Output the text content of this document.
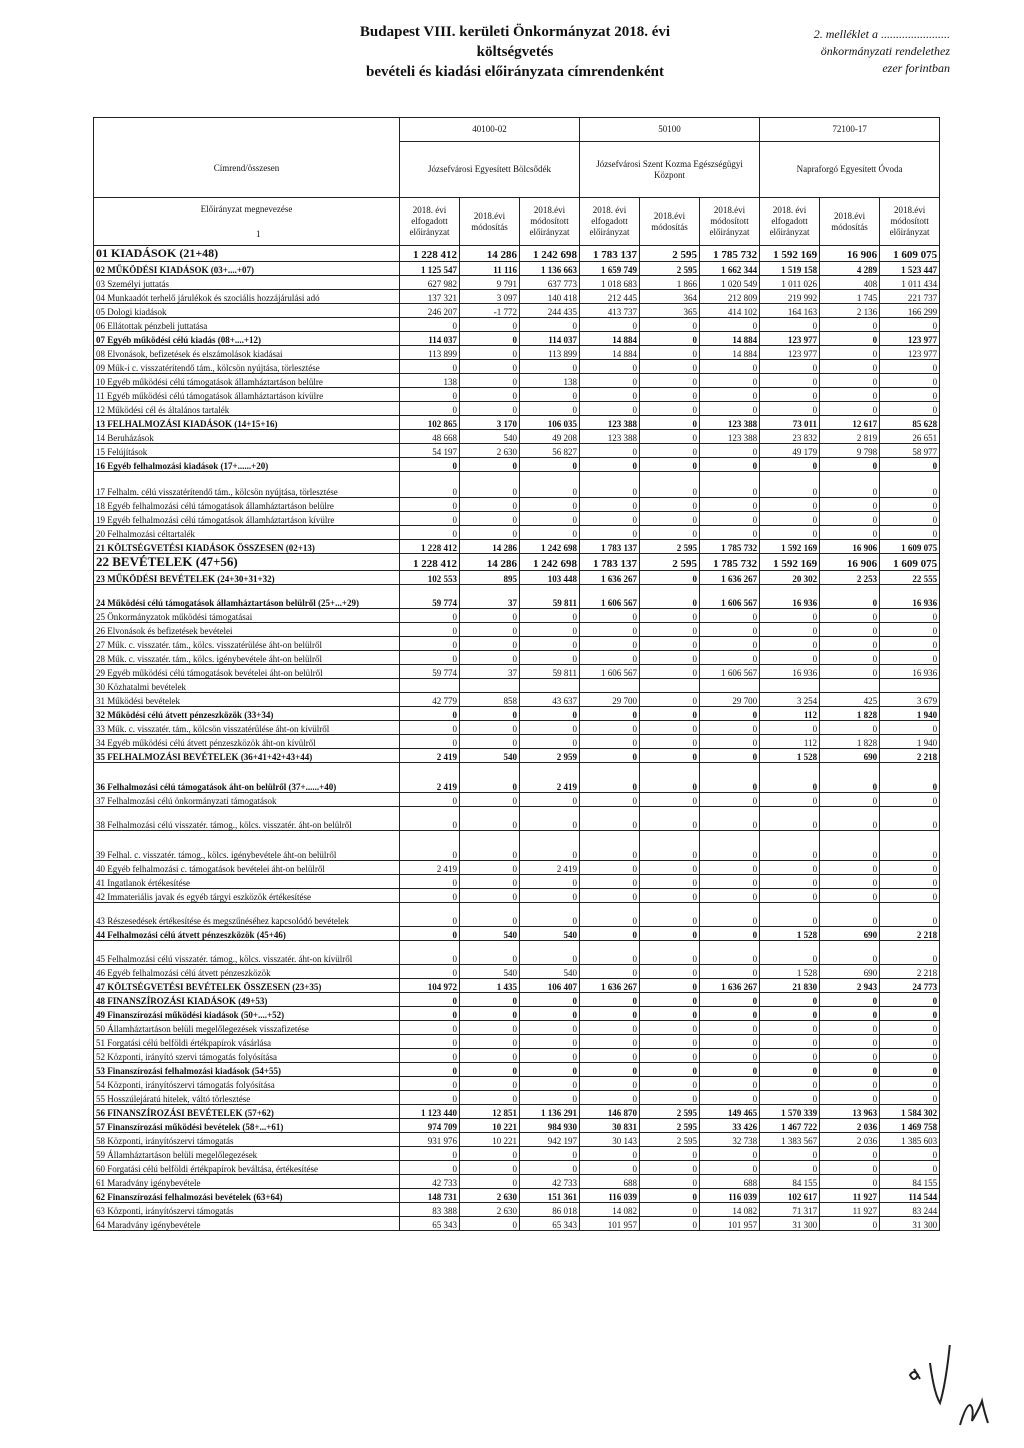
Budapest VIII. kerületi Önkormányzat 2018. évi költségvetés
bevételi és kiadási előirányzata címrendenként
2. melléklet a .......................
önkormányzati rendelethez
ezer forintban
Címrend/összesen	40100-02			50100			72100-17		
	Józsefvárosi Egyesített Bölcsődék			Józsefvárosi Szent Kozma Egészségügyi Központ			Napraforgó Egyesített Óvoda		

Előirányzat megnevezése
1	2018. évi elfogadott előirányzat	2018.évi módosítás	2018.évi módosított előirányzat	2018. évi elfogadott előirányzat	2018.évi módosítás	2018.évi módosított előirányzat	2018. évi elfogadott előirányzat	2018.évi módosítás	2018.évi módosított előirányzat
01 KIADÁSOK (21+48)	1 228 412	14 286	1 242 698	1 783 137	2 595	1 785 732	1 592 169	16 906	1 609 075
02 MŰKÖDÉSI KIADÁSOK (03+....+07)	1 125 547	11 116	1 136 663	1 659 749	2 595	1 662 344	1 519 158	4 289	1 523 447
03 Személyi juttatás	627 982	9 791	637 773	1 018 683	1 866	1 020 549	1 011 026	408	1 011 434
04 Munkaadót terhelő járulékok és szociális hozzájárulási adó	137 321	3 097	140 418	212 445	364	212 809	219 992	1 745	221 737
05 Dologi kiadások	246 207	-1 772	244 435	413 737	365	414 102	164 163	2 136	166 299
06 Ellátottak pénzbeli juttatása	0	0	0	0	0	0	0	0	0
07 Egyéb működési célú kiadás (08+....+12)	114 037	0	114 037	14 884	0	14 884	123 977	0	123 977
08 Elvonások, befizetések és elszámolások kiadásai	113 899	0	113 899	14 884	0	14 884	123 977	0	123 977
09 Műk-i c. visszatérítendő tám., kölcsön nyújtása, törlesztése	0	0	0	0	0	0	0	0	0
10 Egyéb működési célú támogatások államháztartáson belülre	138	0	138	0	0	0	0	0	0
11 Egyéb működési célú támogatások államháztartáson kívülre	0	0	0	0	0	0	0	0	0
12 Működési cél és általános tartalék	0	0	0	0	0	0	0	0	0
13 FELHALMOZÁSI KIADÁSOK (14+15+16)	102 865	3 170	106 035	123 388	0	123 388	73 011	12 617	85 628
14 Beruházások	48 668	540	49 208	123 388	0	123 388	23 832	2 819	26 651
15 Felújítások	54 197	2 630	56 827	0	0	0	49 179	9 798	58 977
16 Egyéb felhalmozási kiadások (17+......+20)	0	0	0	0	0	0	0	0	0
17 Felhalm. célú visszatérítendő tám., kölcsön nyújtása, törlesztése	0	0	0	0	0	0	0	0	0
18 Egyéb felhalmozási célú támogatások államháztartáson belülre	0	0	0	0	0	0	0	0	0
19 Egyéb felhalmozási célú támogatások államháztartáson kívülre	0	0	0	0	0	0	0	0	0
20 Felhalmozási céltartalék	0	0	0	0	0	0	0	0	0
21 KÖLTSÉGVETÉSI KIADÁSOK ÖSSZESEN (02+13)	1 228 412	14 286	1 242 698	1 783 137	2 595	1 785 732	1 592 169	16 906	1 609 075
22 BEVÉTELEK (47+56)	1 228 412	14 286	1 242 698	1 783 137	2 595	1 785 732	1 592 169	16 906	1 609 075
23 MŰKÖDÉSI BEVÉTELEK (24+30+31+32)	102 553	895	103 448	1 636 267	0	1 636 267	20 302	2 253	22 555
24 Működési célú támogatások államháztartáson belülről (25+...+29)	59 774	37	59 811	1 606 567	0	1 606 567	16 936	0	16 936
25 Önkormányzatok működési támogatásai	0	0	0	0	0	0	0	0	0
26 Elvonások és befizetések bevételei	0	0	0	0	0	0	0	0	0
27 Műk. c. visszatér. tám., kölcs. visszatérülése áht-on belülről	0	0	0	0	0	0	0	0	0
28 Műk. c. visszatér. tám., kölcs. igénybevétele áht-on belülről	0	0	0	0	0	0	0	0	0
29 Egyéb működési célú támogatások bevételei áht-on belülről	59 774	37	59 811	1 606 567	0	1 606 567	16 936	0	16 936
30 Közhatalmi bevételek									
31 Működési bevételek	42 779	858	43 637	29 700	0	29 700	3 254	425	3 679
32 Működési célú átvett pénzeszközök (33+34)	0	0	0	0	0	0	112	1 828	1 940
33 Műk. c. visszatér. tám., kölcsön visszatérülése áht-on kívülről	0	0	0	0	0	0	0	0	0
34 Egyéb működési célú átvett pénzeszközök áht-on kívülről	0	0	0	0	0	0	112	1 828	1 940
35 FELHALMOZÁSI BEVÉTELEK (36+41+42+43+44)	2 419	540	2 959	0	0	0	1 528	690	2 218
36 Felhalmozási célú támogatások áht-on belülről (37+......+40)	2 419	0	2 419	0	0	0	0	0	0
37 Felhalmozási célú önkormányzati támogatások	0	0	0	0	0	0	0	0	0
38 Felhalmozási célú visszatér. támog., kölcs. visszatér. áht-on belülről	0	0	0	0	0	0	0	0	0
39 Felhal. c. visszatér. támog., kölcs. igénybevétele áht-on belülről	0	0	0	0	0	0	0	0	0
40 Egyéb felhalmozási c. támogatások bevételei áht-on belülről	2 419	0	2 419	0	0	0	0	0	0
41 Ingatlanok értékesítése	0	0	0	0	0	0	0	0	0
42 Immateriális javak és egyéb tárgyi eszközök értékesítése	0	0	0	0	0	0	0	0	0
43 Részesedések értékesítése és megszűnéséhez kapcsolódó bevételek	0	0	0	0	0	0	0	0	0
44 Felhalmozási célú átvett pénzeszközök (45+46)	0	540	540	0	0	0	1 528	690	2 218
45 Felhalmozási célú visszatér. támog., kölcs. visszatér. áht-on kívülről	0	0	0	0	0	0	0	0	0
46 Egyéb felhalmozási célú átvett pénzeszközök	0	540	540	0	0	0	1 528	690	2 218
47 KÖLTSÉGVETÉSI BEVÉTELEK ÖSSZESEN (23+35)	104 972	1 435	106 407	1 636 267	0	1 636 267	21 830	2 943	24 773
48 FINANSZÍROZÁSI KIADÁSOK (49+53)	0	0	0	0	0	0	0	0	0
49 Finanszírozási működési kiadások (50+....+52)	0	0	0	0	0	0	0	0	0
50 Államháztartáson belüli megelőlegezések visszafizetése	0	0	0	0	0	0	0	0	0
51 Forgatási célú belföldi értékpapírok vásárlása	0	0	0	0	0	0	0	0	0
52 Központi, irányító szervi támogatás folyósítása	0	0	0	0	0	0	0	0	0
53 Finanszírozási felhalmozási kiadások (54+55)	0	0	0	0	0	0	0	0	0
54 Központi, irányítószervi támogatás folyósítása	0	0	0	0	0	0	0	0	0
55 Hosszúlejáratú hitelek, váltó törlesztése	0	0	0	0	0	0	0	0	0
56 FINANSZÍROZÁSI BEVÉTELEK (57+62)	1 123 440	12 851	1 136 291	146 870	2 595	149 465	1 570 339	13 963	1 584 302
57 Finanszírozási működési bevételek (58+...+61)	974 709	10 221	984 930	30 831	2 595	33 426	1 467 722	2 036	1 469 758
58 Központi, irányítószervi támogatás	931 976	10 221	942 197	30 143	2 595	32 738	1 383 567	2 036	1 385 603
59 Államháztartáson belüli megelőlegezések	0	0	0	0	0	0	0	0	0
60 Forgatási célú belföldi értékpapírok beváltása, értékesítése	0	0	0	0	0	0	0	0	0
61 Maradvány igénybevétele	42 733	0	42 733	688	0	688	84 155	0	84 155
62 Finanszírozási felhalmozási bevételek (63+64)	148 731	2 630	151 361	116 039	0	116 039	102 617	11 927	114 544
63 Központi, irányítószervi támogatás	83 388	2 630	86 018	14 082	0	14 082	71 317	11 927	83 244
64 Maradvány igénybevétele	65 343	0	65 343	101 957	0	101 957	31 300	0	31 300
